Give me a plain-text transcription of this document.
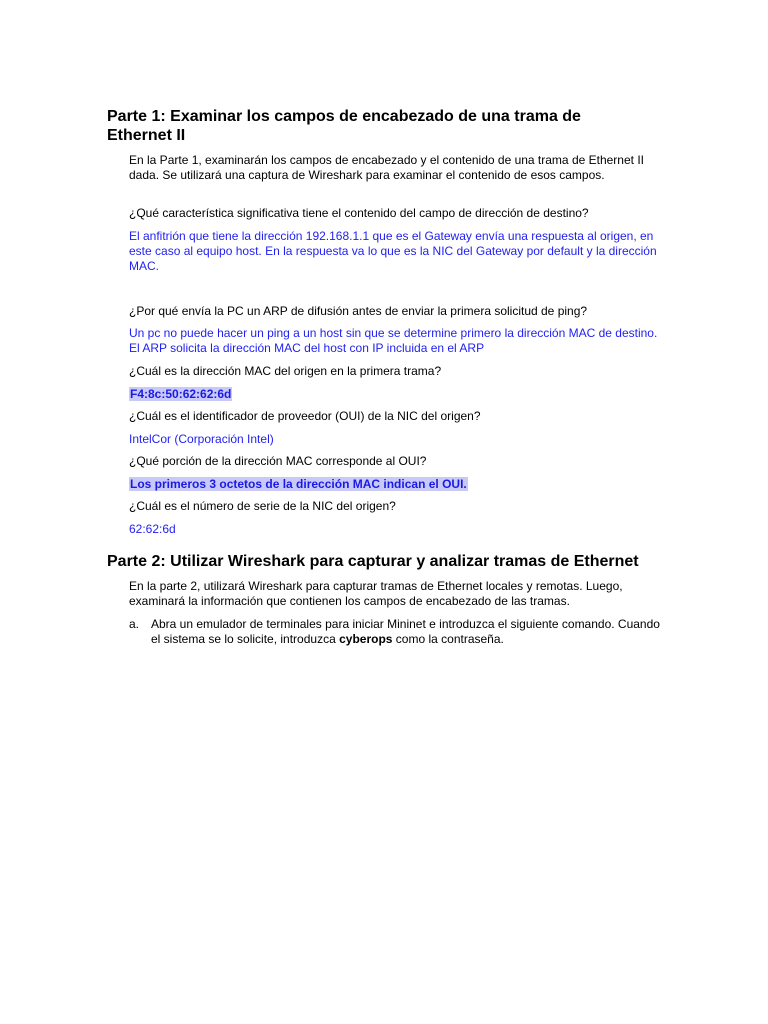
Parte 1: Examinar los campos de encabezado de una trama de Ethernet II

En la Parte 1, examinarán los campos de encabezado y el contenido de una trama de Ethernet II dada. Se utilizará una captura de Wireshark para examinar el contenido de esos campos.

¿Qué característica significativa tiene el contenido del campo de dirección de destino?

El anfitrión que tiene la dirección 192.168.1.1 que es el Gateway envía una respuesta al origen, en este caso al equipo host. En la respuesta va lo que es la NIC del Gateway por default y la dirección MAC.

¿Por qué envía la PC un ARP de difusión antes de enviar la primera solicitud de ping?

Un pc no puede hacer un ping a un host sin que se determine primero la dirección MAC de destino. El ARP solicita la dirección MAC del host con IP incluida en el ARP

¿Cuál es la dirección MAC del origen en la primera trama?

F4:8c:50:62:62:6d

¿Cuál es el identificador de proveedor (OUI) de la NIC del origen?

IntelCor (Corporación Intel)

¿Qué porción de la dirección MAC corresponde al OUI?

Los primeros 3 octetos de la dirección MAC indican el OUI.

¿Cuál es el número de serie de la NIC del origen?

62:62:6d

Parte 2: Utilizar Wireshark para capturar y analizar tramas de Ethernet

En la parte 2, utilizará Wireshark para capturar tramas de Ethernet locales y remotas. Luego, examinará la información que contienen los campos de encabezado de las tramas.

a. Abra un emulador de terminales para iniciar Mininet e introduzca el siguiente comando. Cuando el sistema se lo solicite, introduzca cyberops como la contraseña.
